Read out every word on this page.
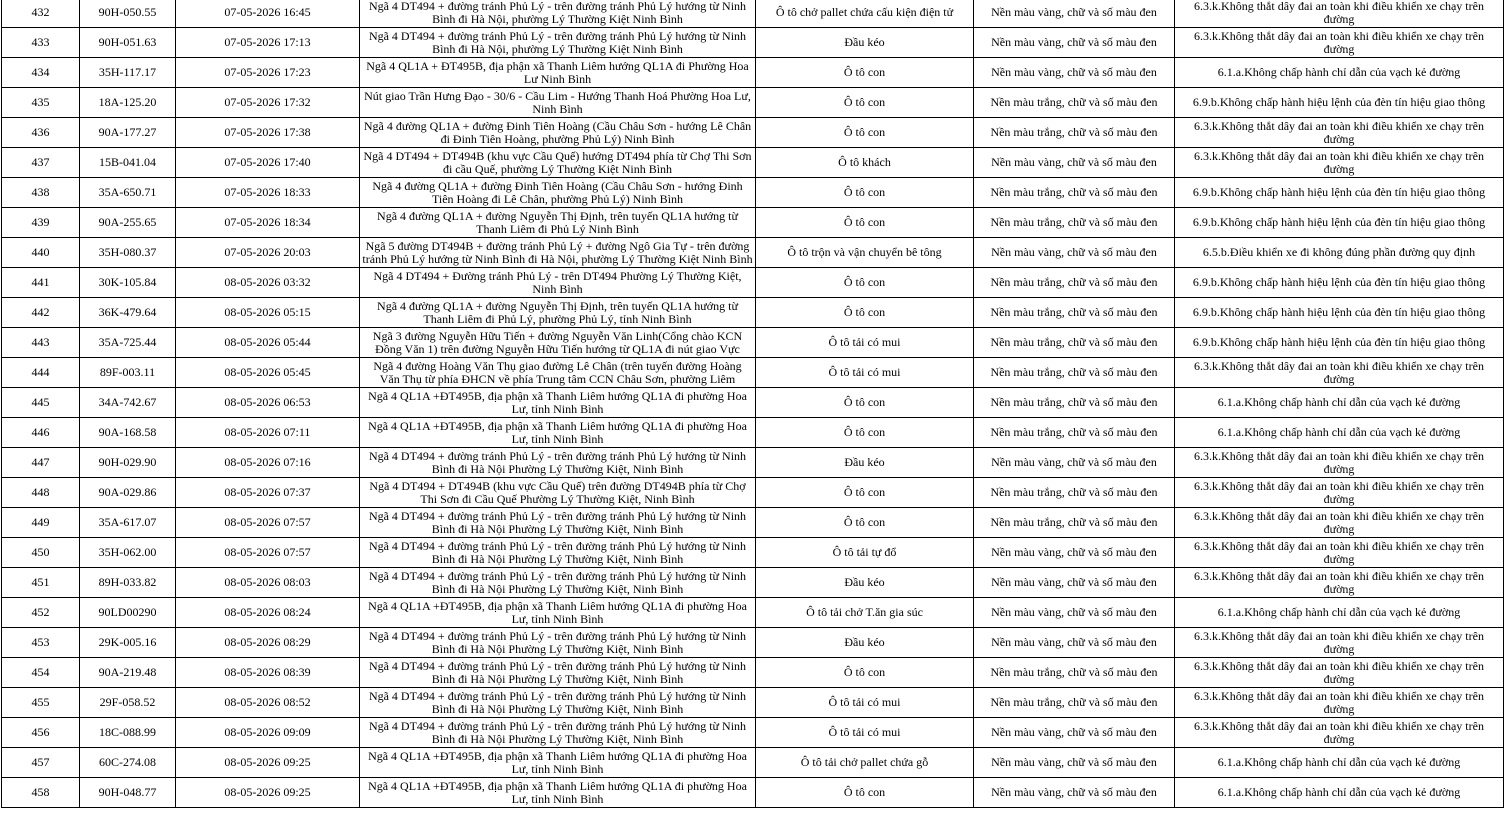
432	90H-050.55	07-05-2026 16:45	Ngã 4 DT494 + đường tránh Phủ Lý - trên đường tránh Phủ Lý hướng từ Ninh Bình đi Hà Nội, phường Lý Thường Kiệt Ninh Bình	Ô tô chở pallet chứa cấu kiện điện tử	Nền màu vàng, chữ và số màu đen	6.3.k.Không thắt dây đai an toàn khi điều khiển xe chạy trên đường
433	90H-051.63	07-05-2026 17:13	Ngã 4 DT494 + đường tránh Phủ Lý - trên đường tránh Phủ Lý hướng từ Ninh Bình đi Hà Nội, phường Lý Thường Kiệt Ninh Bình	Đầu kéo	Nền màu vàng, chữ và số màu đen	6.3.k.Không thắt dây đai an toàn khi điều khiển xe chạy trên đường
434	35H-117.17	07-05-2026 17:23	Ngã 4 QL1A + ĐT495B, địa phận xã Thanh Liêm hướng QL1A đi Phường Hoa Lư Ninh Bình	Ô tô con	Nền màu vàng, chữ và số màu đen	6.1.a.Không chấp hành chỉ dẫn của vạch kẻ đường
435	18A-125.20	07-05-2026 17:32	Nút giao Trần Hưng Đạo - 30/6 - Cầu Lim - Hướng Thanh Hoá Phường Hoa Lư, Ninh Bình	Ô tô con	Nền màu trắng, chữ và số màu đen	6.9.b.Không chấp hành hiệu lệnh của đèn tín hiệu giao thông
436	90A-177.27	07-05-2026 17:38	Ngã 4 đường QL1A + đường Đinh Tiên Hoàng (Cầu Châu Sơn - hướng Lê Chân đi Đinh Tiên Hoàng, phường Phủ Lý) Ninh Bình	Ô tô con	Nền màu trắng, chữ và số màu đen	6.3.k.Không thắt dây đai an toàn khi điều khiển xe chạy trên đường
437	15B-041.04	07-05-2026 17:40	Ngã 4 DT494 + DT494B (khu vực Cầu Quế) hướng DT494 phía từ Chợ Thi Sơn đi cầu Quế, phường Lý Thường Kiệt Ninh Bình	Ô tô khách	Nền màu vàng, chữ và số màu đen	6.3.k.Không thắt dây đai an toàn khi điều khiển xe chạy trên đường
438	35A-650.71	07-05-2026 18:33	Ngã 4 đường QL1A + đường Đinh Tiên Hoàng (Cầu Châu Sơn - hướng Đinh Tiên Hoàng đi Lê Chân, phường Phủ Lý) Ninh Bình	Ô tô con	Nền màu trắng, chữ và số màu đen	6.9.b.Không chấp hành hiệu lệnh của đèn tín hiệu giao thông
439	90A-255.65	07-05-2026 18:34	Ngã 4 đường QL1A + đường Nguyễn Thị Định, trên tuyến QL1A hướng từ Thanh Liêm đi Phủ Lý Ninh Bình	Ô tô con	Nền màu trắng, chữ và số màu đen	6.9.b.Không chấp hành hiệu lệnh của đèn tín hiệu giao thông
440	35H-080.37	07-05-2026 20:03	Ngã 5 đường DT494B + đường tránh Phủ Lý + đường Ngô Gia Tự - trên đường tránh Phủ Lý hướng từ Ninh Bình đi Hà Nội, phường Lý Thường Kiệt Ninh Bình	Ô tô trộn và vận chuyển bê tông	Nền màu vàng, chữ và số màu đen	6.5.b.Điều khiển xe đi không đúng phần đường quy định
441	30K-105.84	08-05-2026 03:32	Ngã 4 DT494 + Đường tránh Phủ Lý - trên DT494 Phường Lý Thường Kiệt, Ninh Bình	Ô tô con	Nền màu trắng, chữ và số màu đen	6.9.b.Không chấp hành hiệu lệnh của đèn tín hiệu giao thông
442	36K-479.64	08-05-2026 05:15	Ngã 4 đường QL1A + đường Nguyễn Thị Định, trên tuyến QL1A hướng từ Thanh Liêm đi Phủ Lý, phường Phủ Lý, tỉnh Ninh Bình	Ô tô con	Nền màu trắng, chữ và số màu đen	6.9.b.Không chấp hành hiệu lệnh của đèn tín hiệu giao thông
443	35A-725.44	08-05-2026 05:44	Ngã 3 đường Nguyễn Hữu Tiến + đường Nguyễn Văn Linh(Cổng chào KCN Đồng Văn 1) trên đường Nguyễn Hữu Tiến hướng từ QL1A đi nút giao Vực	Ô tô tải có mui	Nền màu trắng, chữ và số màu đen	6.9.b.Không chấp hành hiệu lệnh của đèn tín hiệu giao thông
444	89F-003.11	08-05-2026 05:45	Ngã 4 đường Hoàng Văn Thụ giao đường Lê Chân (trên tuyến đường Hoàng Văn Thụ từ phía ĐHCN về phía Trung tâm CCN Châu Sơn, phường Liêm	Ô tô tải có mui	Nền màu trắng, chữ và số màu đen	6.3.k.Không thắt dây đai an toàn khi điều khiển xe chạy trên đường
445	34A-742.67	08-05-2026 06:53	Ngã 4 QL1A +ĐT495B, địa phận xã Thanh Liêm hướng QL1A đi phường Hoa Lư, tỉnh Ninh Bình	Ô tô con	Nền màu trắng, chữ và số màu đen	6.1.a.Không chấp hành chỉ dẫn của vạch kẻ đường
446	90A-168.58	08-05-2026 07:11	Ngã 4 QL1A +ĐT495B, địa phận xã Thanh Liêm hướng QL1A đi phường Hoa Lư, tỉnh Ninh Bình	Ô tô con	Nền màu trắng, chữ và số màu đen	6.1.a.Không chấp hành chỉ dẫn của vạch kẻ đường
447	90H-029.90	08-05-2026 07:16	Ngã 4 DT494 + đường tránh Phủ Lý - trên đường tránh Phủ Lý hướng từ Ninh Bình đi Hà Nội Phường Lý Thường Kiệt, Ninh Bình	Đầu kéo	Nền màu vàng, chữ và số màu đen	6.3.k.Không thắt dây đai an toàn khi điều khiển xe chạy trên đường
448	90A-029.86	08-05-2026 07:37	Ngã 4 DT494 + DT494B (khu vực Cầu Quế) trên đường DT494B phía từ Chợ Thi Sơn đi Cầu Quế Phường Lý Thường Kiệt, Ninh Bình	Ô tô con	Nền màu trắng, chữ và số màu đen	6.3.k.Không thắt dây đai an toàn khi điều khiển xe chạy trên đường
449	35A-617.07	08-05-2026 07:57	Ngã 4 DT494 + đường tránh Phủ Lý - trên đường tránh Phủ Lý hướng từ Ninh Bình đi Hà Nội Phường Lý Thường Kiệt, Ninh Bình	Ô tô con	Nền màu trắng, chữ và số màu đen	6.3.k.Không thắt dây đai an toàn khi điều khiển xe chạy trên đường
450	35H-062.00	08-05-2026 07:57	Ngã 4 DT494 + đường tránh Phủ Lý - trên đường tránh Phủ Lý hướng từ Ninh Bình đi Hà Nội Phường Lý Thường Kiệt, Ninh Bình	Ô tô tải tự đổ	Nền màu vàng, chữ và số màu đen	6.3.k.Không thắt dây đai an toàn khi điều khiển xe chạy trên đường
451	89H-033.82	08-05-2026 08:03	Ngã 4 DT494 + đường tránh Phủ Lý - trên đường tránh Phủ Lý hướng từ Ninh Bình đi Hà Nội Phường Lý Thường Kiệt, Ninh Bình	Đầu kéo	Nền màu vàng, chữ và số màu đen	6.3.k.Không thắt dây đai an toàn khi điều khiển xe chạy trên đường
452	90LD00290	08-05-2026 08:24	Ngã 4 QL1A +ĐT495B, địa phận xã Thanh Liêm hướng QL1A đi phường Hoa Lư, tỉnh Ninh Bình	Ô tô tải chở T.ăn gia súc	Nền màu vàng, chữ và số màu đen	6.1.a.Không chấp hành chỉ dẫn của vạch kẻ đường
453	29K-005.16	08-05-2026 08:29	Ngã 4 DT494 + đường tránh Phủ Lý - trên đường tránh Phủ Lý hướng từ Ninh Bình đi Hà Nội Phường Lý Thường Kiệt, Ninh Bình	Đầu kéo	Nền màu vàng, chữ và số màu đen	6.3.k.Không thắt dây đai an toàn khi điều khiển xe chạy trên đường
454	90A-219.48	08-05-2026 08:39	Ngã 4 DT494 + đường tránh Phủ Lý - trên đường tránh Phủ Lý hướng từ Ninh Bình đi Hà Nội Phường Lý Thường Kiệt, Ninh Bình	Ô tô con	Nền màu trắng, chữ và số màu đen	6.3.k.Không thắt dây đai an toàn khi điều khiển xe chạy trên đường
455	29F-058.52	08-05-2026 08:52	Ngã 4 DT494 + đường tránh Phủ Lý - trên đường tránh Phủ Lý hướng từ Ninh Bình đi Hà Nội Phường Lý Thường Kiệt, Ninh Bình	Ô tô tải có mui	Nền màu trắng, chữ và số màu đen	6.3.k.Không thắt dây đai an toàn khi điều khiển xe chạy trên đường
456	18C-088.99	08-05-2026 09:09	Ngã 4 DT494 + đường tránh Phủ Lý - trên đường tránh Phủ Lý hướng từ Ninh Bình đi Hà Nội Phường Lý Thường Kiệt, Ninh Bình	Ô tô tải có mui	Nền màu vàng, chữ và số màu đen	6.3.k.Không thắt dây đai an toàn khi điều khiển xe chạy trên đường
457	60C-274.08	08-05-2026 09:25	Ngã 4 QL1A +ĐT495B, địa phận xã Thanh Liêm hướng QL1A đi phường Hoa Lư, tỉnh Ninh Bình	Ô tô tải chở pallet chứa gỗ	Nền màu vàng, chữ và số màu đen	6.1.a.Không chấp hành chỉ dẫn của vạch kẻ đường
458	90H-048.77	08-05-2026 09:25	Ngã 4 QL1A +ĐT495B, địa phận xã Thanh Liêm hướng QL1A đi phường Hoa Lư, tỉnh Ninh Bình	Ô tô con	Nền màu vàng, chữ và số màu đen	6.1.a.Không chấp hành chỉ dẫn của vạch kẻ đường
